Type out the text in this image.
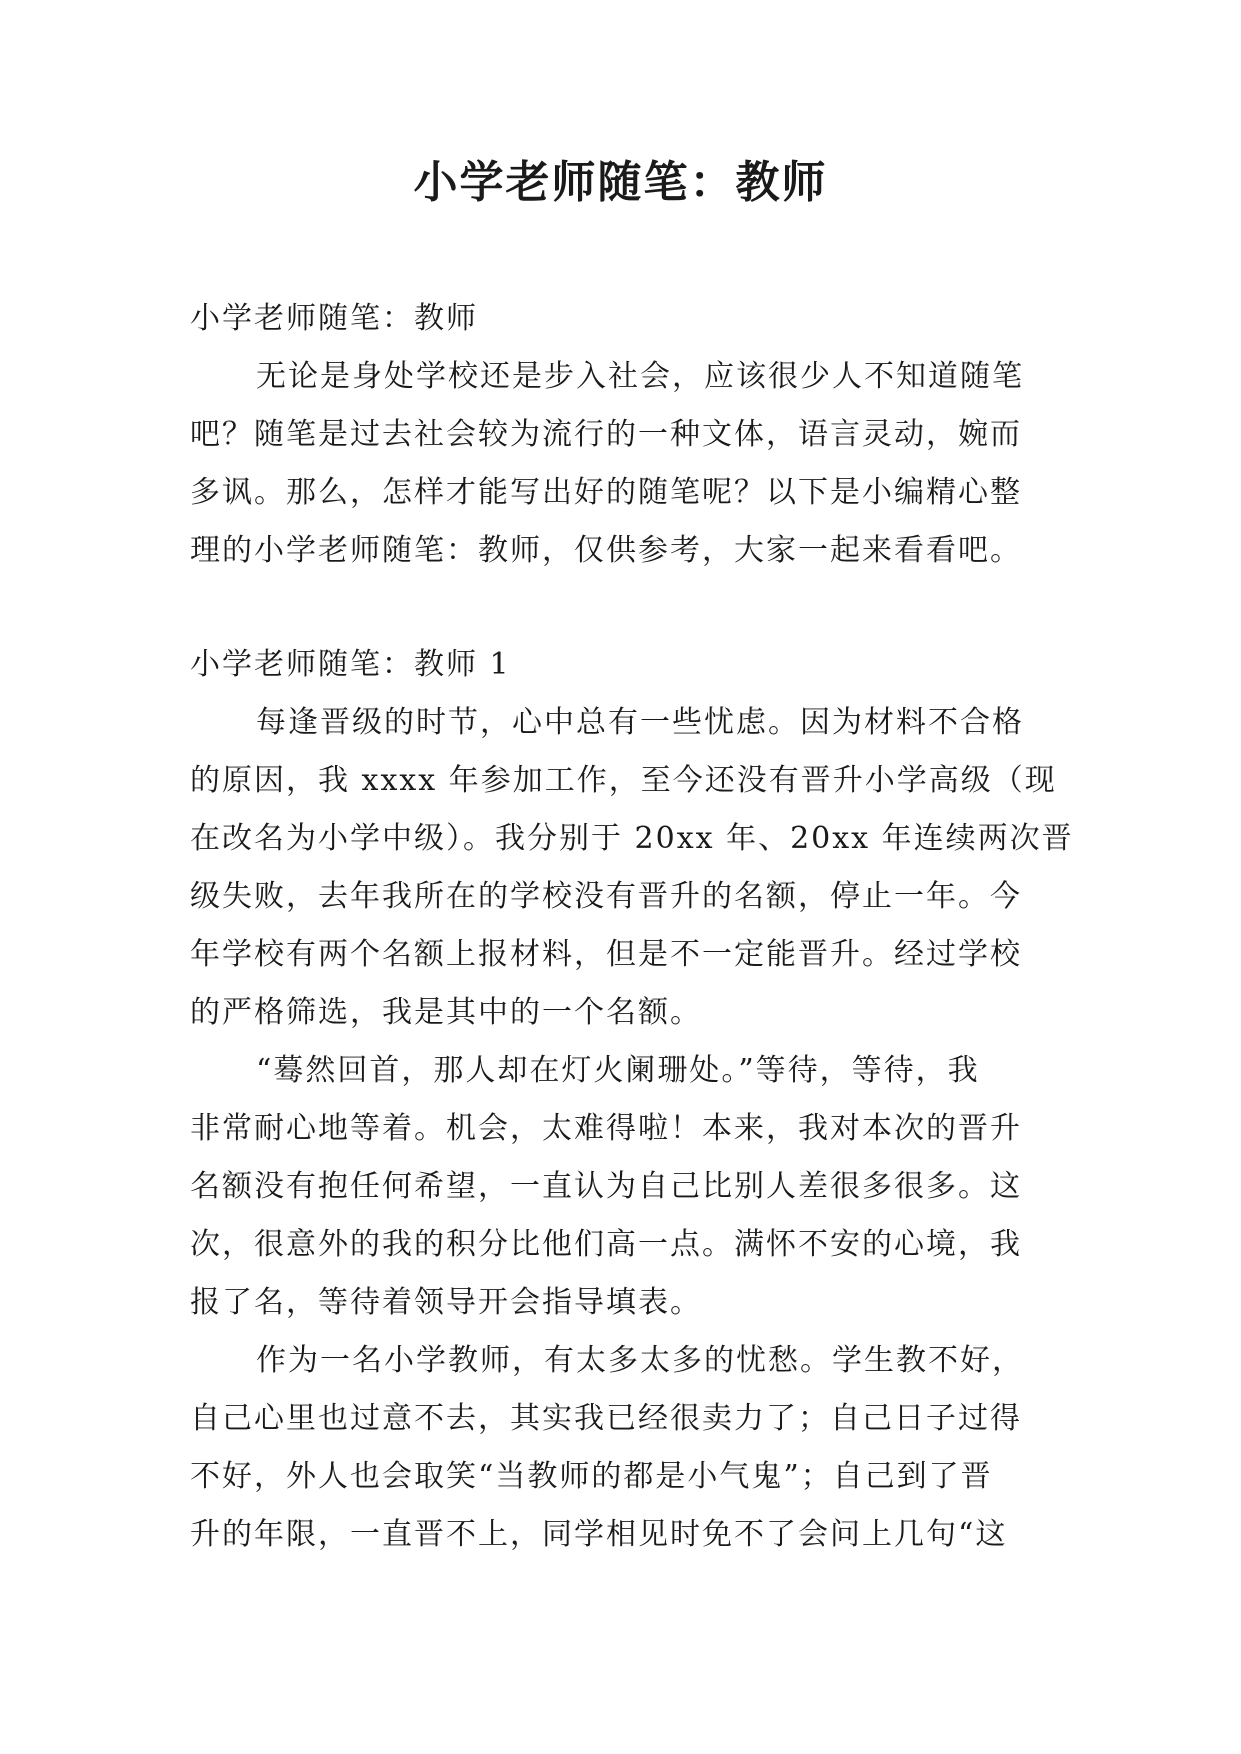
小学老师随笔：教师
小学老师随笔：教师
无论是身处学校还是步入社会，应该很少人不知道随笔
吧？随笔是过去社会较为流行的一种文体，语言灵动，婉而
多讽。那么，怎样才能写出好的随笔呢？以下是小编精心整
理的小学老师随笔：教师，仅供参考，大家一起来看看吧。
小学老师随笔：教师 1
每逢晋级的时节，心中总有一些忧虑。因为材料不合格
的原因，我 xxxx 年参加工作，至今还没有晋升小学高级（现
在改名为小学中级）。我分别于 20xx 年、20xx 年连续两次晋
级失败，去年我所在的学校没有晋升的名额，停止一年。今
年学校有两个名额上报材料，但是不一定能晋升。经过学校
的严格筛选，我是其中的一个名额。
“蓦然回首，那人却在灯火阑珊处。”等待，等待，我
非常耐心地等着。机会，太难得啦！本来，我对本次的晋升
名额没有抱任何希望，一直认为自己比别人差很多很多。这
次，很意外的我的积分比他们高一点。满怀不安的心境，我
报了名，等待着领导开会指导填表。
作为一名小学教师，有太多太多的忧愁。学生教不好，
自己心里也过意不去，其实我已经很卖力了；自己日子过得
不好，外人也会取笑“当教师的都是小气鬼”；自己到了晋
升的年限，一直晋不上，同学相见时免不了会问上几句“这
